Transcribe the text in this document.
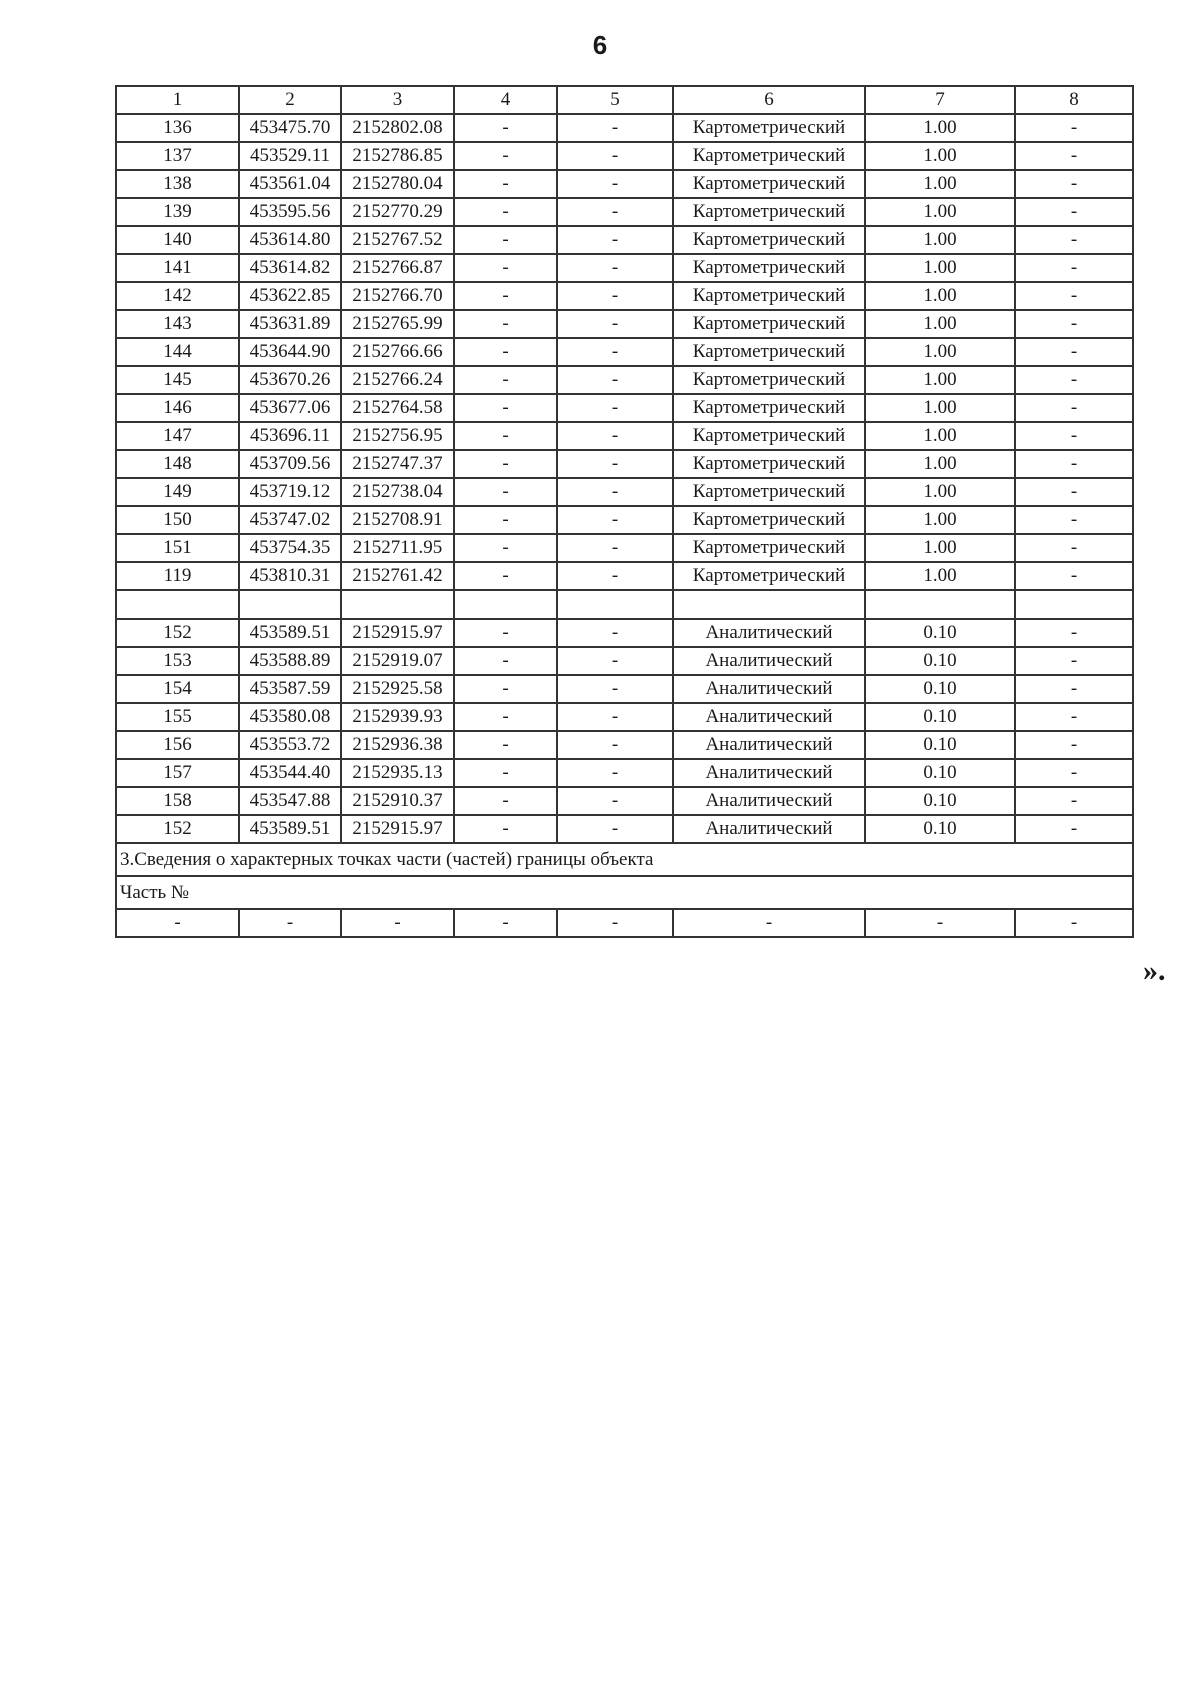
6
1	2	3	4	5	6	7	8
136	453475.70	2152802.08	-	-	Картометрический	1.00	-
137	453529.11	2152786.85	-	-	Картометрический	1.00	-
138	453561.04	2152780.04	-	-	Картометрический	1.00	-
139	453595.56	2152770.29	-	-	Картометрический	1.00	-
140	453614.80	2152767.52	-	-	Картометрический	1.00	-
141	453614.82	2152766.87	-	-	Картометрический	1.00	-
142	453622.85	2152766.70	-	-	Картометрический	1.00	-
143	453631.89	2152765.99	-	-	Картометрический	1.00	-
144	453644.90	2152766.66	-	-	Картометрический	1.00	-
145	453670.26	2152766.24	-	-	Картометрический	1.00	-
146	453677.06	2152764.58	-	-	Картометрический	1.00	-
147	453696.11	2152756.95	-	-	Картометрический	1.00	-
148	453709.56	2152747.37	-	-	Картометрический	1.00	-
149	453719.12	2152738.04	-	-	Картометрический	1.00	-
150	453747.02	2152708.91	-	-	Картометрический	1.00	-
151	453754.35	2152711.95	-	-	Картометрический	1.00	-
119	453810.31	2152761.42	-	-	Картометрический	1.00	-

152	453589.51	2152915.97	-	-	Аналитический	0.10	-
153	453588.89	2152919.07	-	-	Аналитический	0.10	-
154	453587.59	2152925.58	-	-	Аналитический	0.10	-
155	453580.08	2152939.93	-	-	Аналитический	0.10	-
156	453553.72	2152936.38	-	-	Аналитический	0.10	-
157	453544.40	2152935.13	-	-	Аналитический	0.10	-
158	453547.88	2152910.37	-	-	Аналитический	0.10	-
152	453589.51	2152915.97	-	-	Аналитический	0.10	-
3.Сведения о характерных точках части (частей) границы объекта							
Часть №							
-	-	-	-	-	-	-	-
».
